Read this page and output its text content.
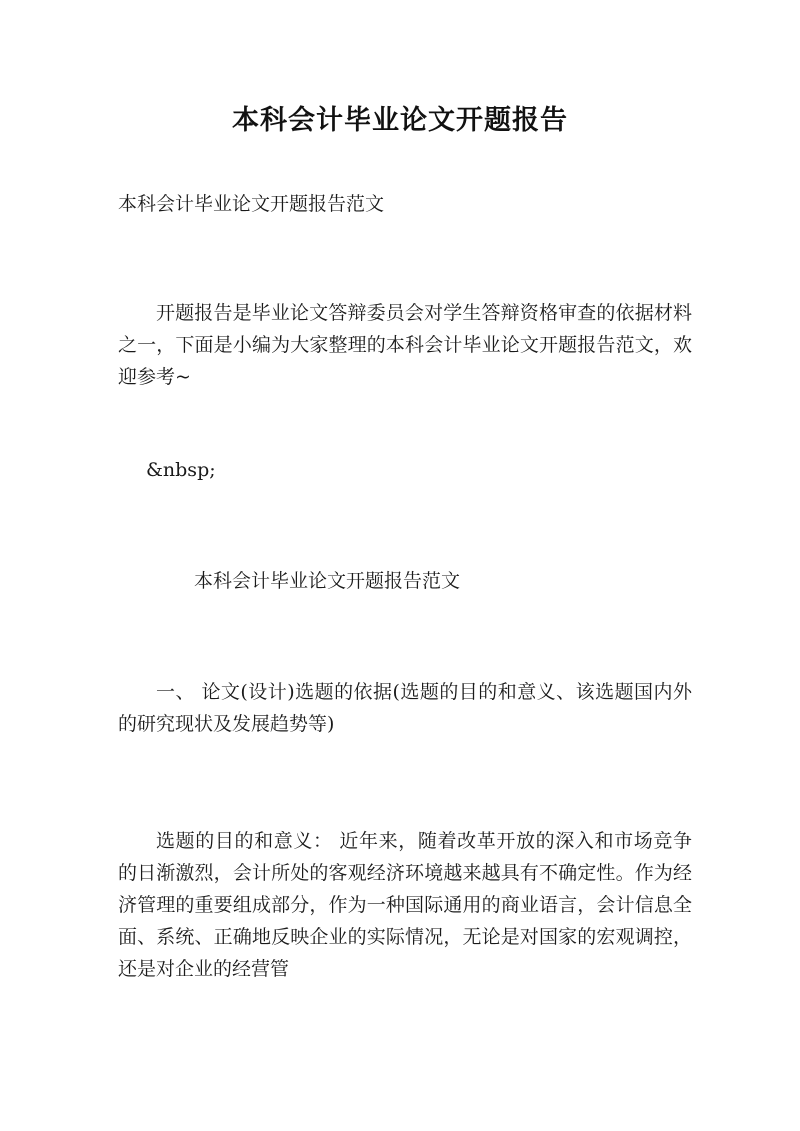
本科会计毕业论文开题报告

本科会计毕业论文开题报告范文

开题报告是毕业论文答辩委员会对学生答辩资格审查的依据材料之一，下面是小编为大家整理的本科会计毕业论文开题报告范文，欢迎参考~

&nbsp;

本科会计毕业论文开题报告范文

一、 论文(设计)选题的依据(选题的目的和意义、该选题国内外的研究现状及发展趋势等)

选题的目的和意义： 近年来，随着改革开放的深入和市场竞争的日渐激烈，会计所处的客观经济环境越来越具有不确定性。作为经济管理的重要组成部分，作为一种国际通用的商业语言，会计信息全面、系统、正确地反映企业的实际情况，无论是对国家的宏观调控，还是对企业的经营管
